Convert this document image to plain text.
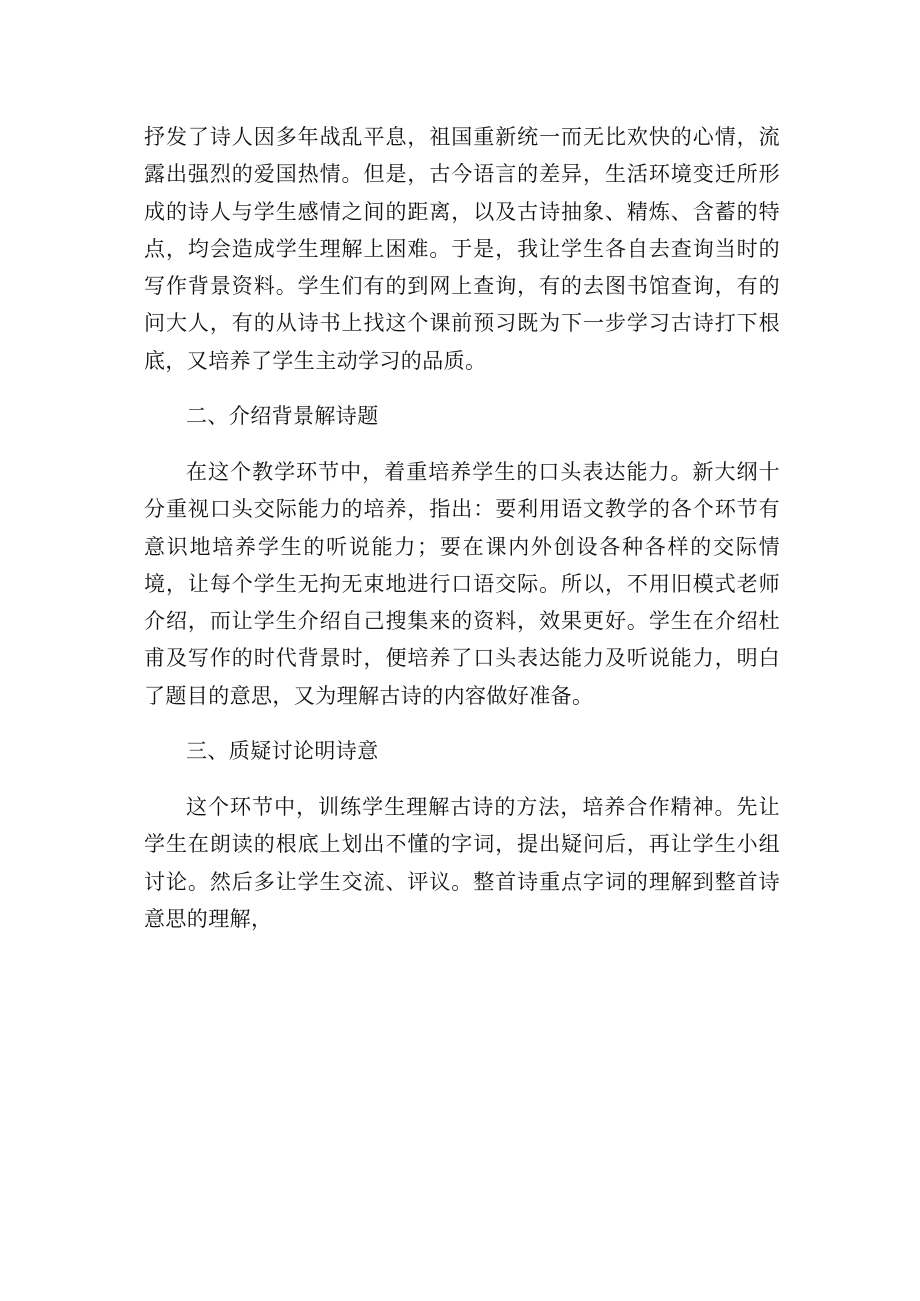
抒发了诗人因多年战乱平息，祖国重新统一而无比欢快的心情，流露出强烈的爱国热情。但是，古今语言的差异，生活环境变迁所形成的诗人与学生感情之间的距离，以及古诗抽象、精炼、含蓄的特点，均会造成学生理解上困难。于是，我让学生各自去查询当时的写作背景资料。学生们有的到网上查询，有的去图书馆查询，有的问大人，有的从诗书上找这个课前预习既为下一步学习古诗打下根底，又培养了学生主动学习的品质。

二、介绍背景解诗题

在这个教学环节中，着重培养学生的口头表达能力。新大纲十分重视口头交际能力的培养，指出：要利用语文教学的各个环节有意识地培养学生的听说能力；要在课内外创设各种各样的交际情境，让每个学生无拘无束地进行口语交际。所以，不用旧模式老师介绍，而让学生介绍自己搜集来的资料，效果更好。学生在介绍杜甫及写作的时代背景时，便培养了口头表达能力及听说能力，明白了题目的意思，又为理解古诗的内容做好准备。

三、质疑讨论明诗意

这个环节中，训练学生理解古诗的方法，培养合作精神。先让学生在朗读的根底上划出不懂的字词，提出疑问后，再让学生小组讨论。然后多让学生交流、评议。整首诗重点字词的理解到整首诗意思的理解，
